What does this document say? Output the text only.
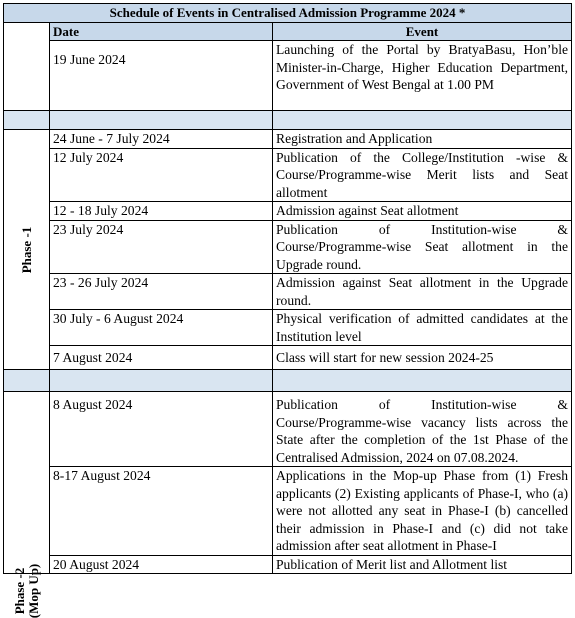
Schedule of Events in Centralised Admission Programme 2024 *		
	Date	Event
	19 June 2024	Launching of the Portal by BratyaBasu, Hon’ble Minister-in-Charge, Higher Education Department, Government of West Bengal at 1.00 PM

Phase -1	24 June - 7 July 2024	Registration and Application
	12 July 2024	Publication of the College/Institution -wise & Course/Programme-wise Merit lists and Seat allotment
	12 - 18 July 2024	Admission against Seat allotment
	23 July 2024	Publication of Institution-wise & Course/Programme-wise Seat allotment in the Upgrade round.
	23 - 26 July 2024	Admission against Seat allotment in the Upgrade round.
	30 July - 6 August 2024	Physical verification of admitted candidates at the Institution level
	7 August 2024	Class will start for new session 2024-25

Phase -2 (Mop Up)	8 August 2024	Publication of Institution-wise & Course/Programme-wise vacancy lists across the State after the completion of the 1st Phase of the Centralised Admission, 2024 on 07.08.2024.
	8-17 August 2024	Applications in the Mop-up Phase from (1) Fresh applicants (2) Existing applicants of Phase-I, who (a) were not allotted any seat in Phase-I (b) cancelled their admission in Phase-I and (c) did not take admission after seat allotment in Phase-I
	20 August 2024	Publication of Merit list and Allotment list
